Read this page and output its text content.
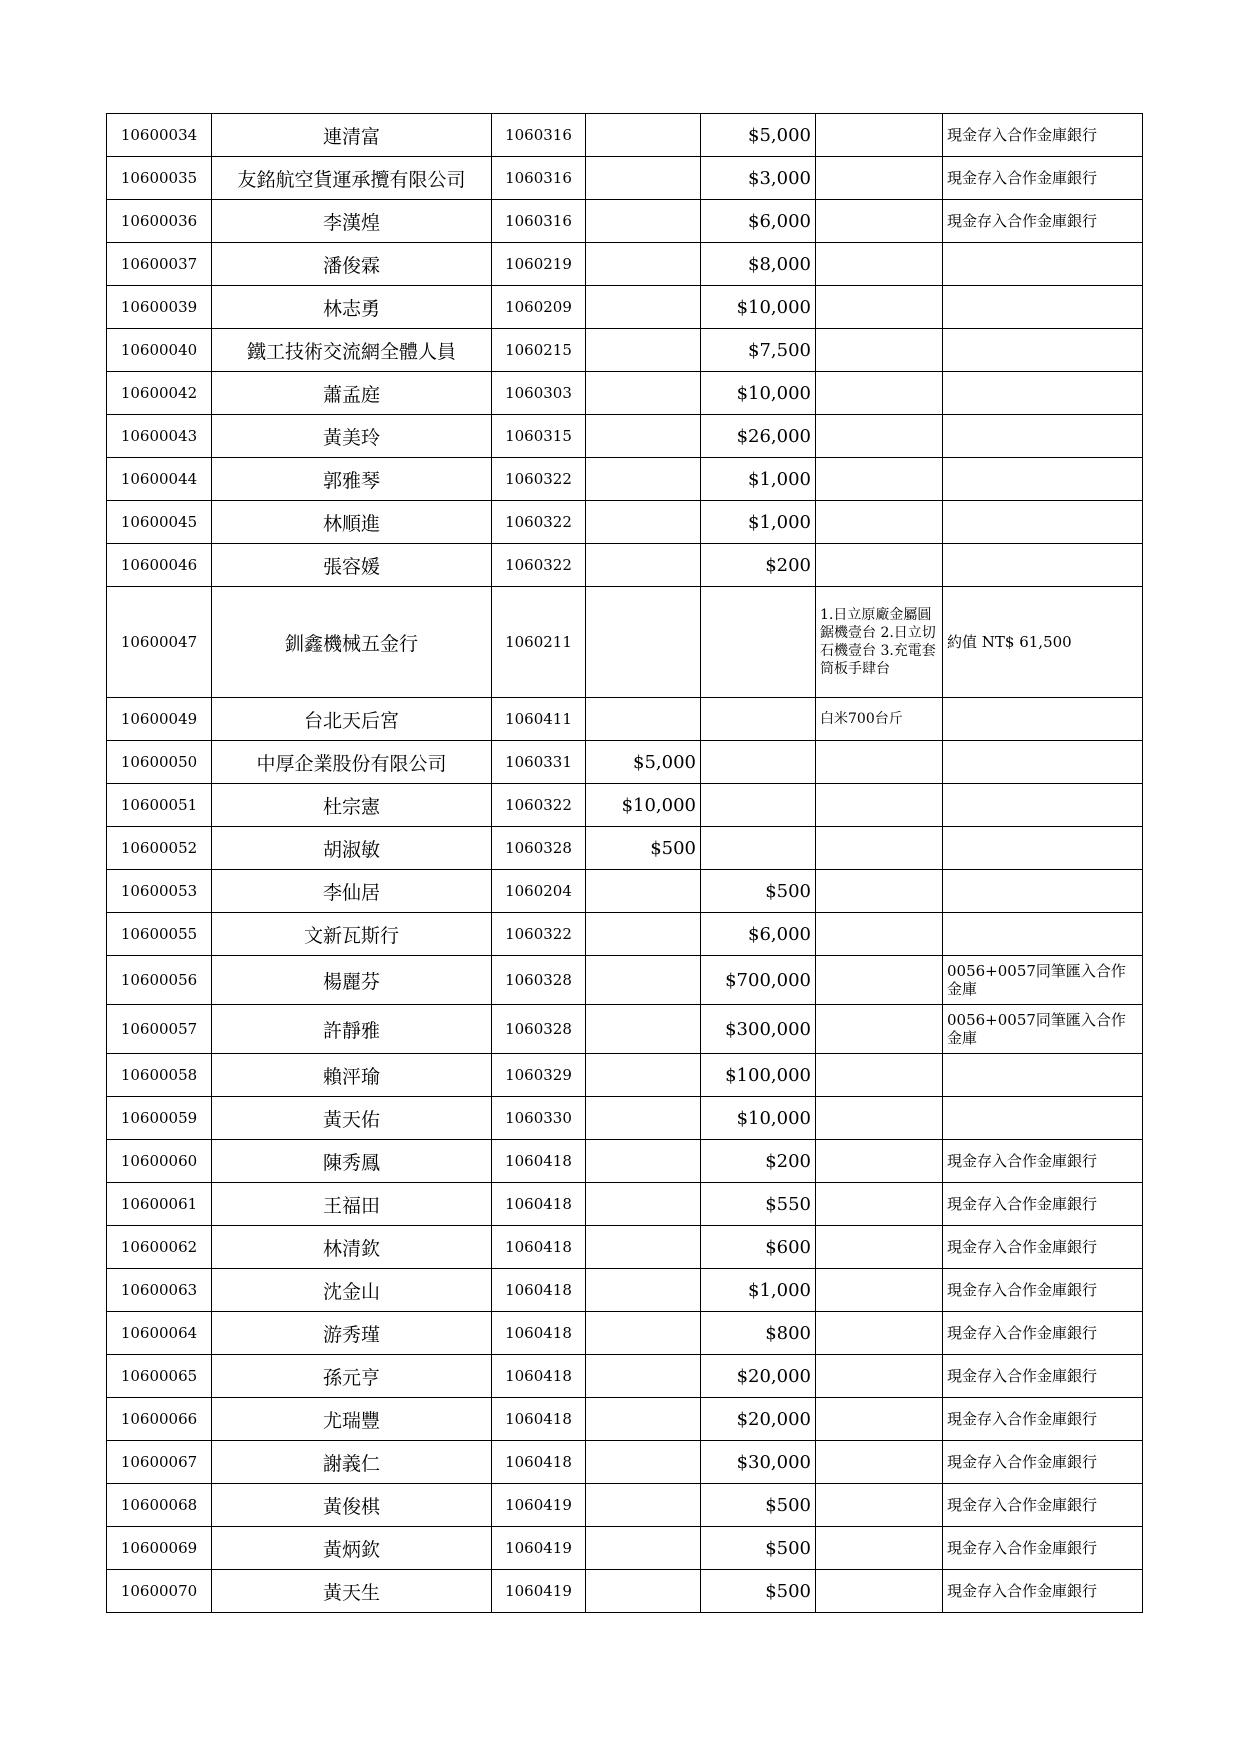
10600034	連清富	1060316		$5,000		現金存入合作金庫銀行
10600035	友銘航空貨運承攬有限公司	1060316		$3,000		現金存入合作金庫銀行
10600036	李漢煌	1060316		$6,000		現金存入合作金庫銀行
10600037	潘俊霖	1060219		$8,000		
10600039	林志勇	1060209		$10,000		
10600040	鐵工技術交流網全體人員	1060215		$7,500		
10600042	蕭孟庭	1060303		$10,000		
10600043	黃美玲	1060315		$26,000		
10600044	郭雅琴	1060322		$1,000		
10600045	林順進	1060322		$1,000		
10600046	張容媛	1060322		$200		
10600047	釧鑫機械五金行	1060211			1.日立原廠金屬圓鋸機壹台 2.日立切石機壹台 3.充電套筒板手肆台	約值 NT$ 61,500
10600049	台北天后宮	1060411			白米700台斤	
10600050	中厚企業股份有限公司	1060331	$5,000			
10600051	杜宗憲	1060322	$10,000			
10600052	胡淑敏	1060328	$500			
10600053	李仙居	1060204		$500		
10600055	文新瓦斯行	1060322		$6,000		
10600056	楊麗芬	1060328		$700,000		0056+0057同筆匯入合作金庫
10600057	許靜雅	1060328		$300,000		0056+0057同筆匯入合作金庫
10600058	賴泙瑜	1060329		$100,000		
10600059	黃天佑	1060330		$10,000		
10600060	陳秀鳳	1060418		$200		現金存入合作金庫銀行
10600061	王福田	1060418		$550		現金存入合作金庫銀行
10600062	林清欽	1060418		$600		現金存入合作金庫銀行
10600063	沈金山	1060418		$1,000		現金存入合作金庫銀行
10600064	游秀瑾	1060418		$800		現金存入合作金庫銀行
10600065	孫元亨	1060418		$20,000		現金存入合作金庫銀行
10600066	尤瑞豐	1060418		$20,000		現金存入合作金庫銀行
10600067	謝義仁	1060418		$30,000		現金存入合作金庫銀行
10600068	黃俊棋	1060419		$500		現金存入合作金庫銀行
10600069	黃炳欽	1060419		$500		現金存入合作金庫銀行
10600070	黃天生	1060419		$500		現金存入合作金庫銀行
